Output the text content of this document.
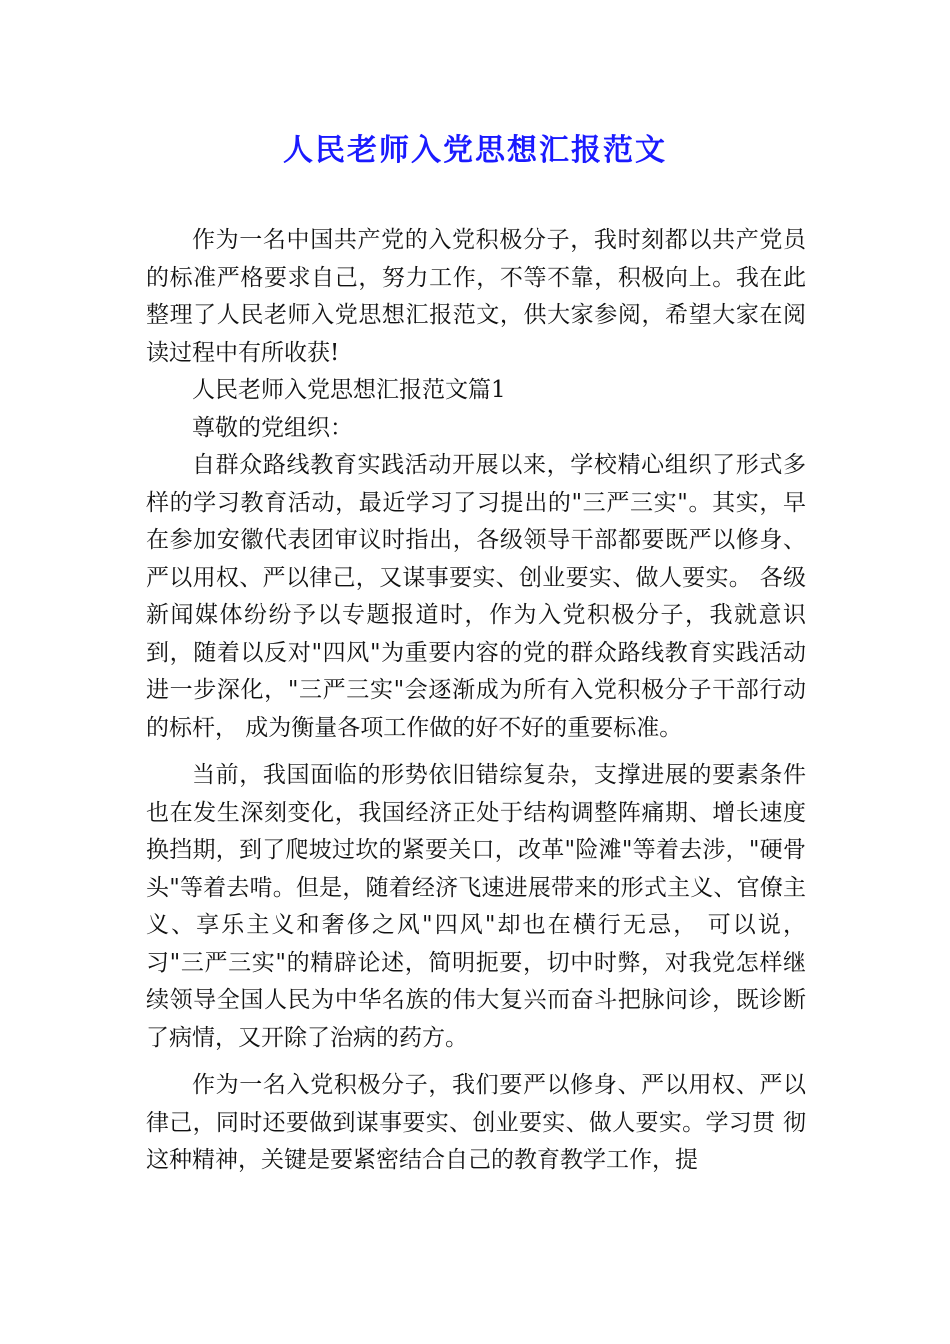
人民老师入党思想汇报范文

作为一名中国共产党的入党积极分子，我时刻都以共产党员的标准严格要求自己，努力工作，不等不靠，积极向上。我在此整理了人民老师入党思想汇报范文，供大家参阅，希望大家在阅读过程中有所收获!

人民老师入党思想汇报范文篇1

尊敬的党组织：

自群众路线教育实践活动开展以来，学校精心组织了形式多样的学习教育活动，最近学习了习提出的"三严三实"。其实，早在参加安徽代表团审议时指出，各级领导干部都要既严以修身、严以用权、严以律己，又谋事要实、创业要实、做人要实。 各级新闻媒体纷纷予以专题报道时，作为入党积极分子，我就意识到，随着以反对"四风"为重要内容的党的群众路线教育实践活动进一步深化，"三严三实"会逐渐成为所有入党积极分子干部行动的标杆， 成为衡量各项工作做的好不好的重要标准。

当前，我国面临的形势依旧错综复杂，支撑进展的要素条件也在发生深刻变化，我国经济正处于结构调整阵痛期、增长速度换挡期，到了爬坡过坎的紧要关口，改革"险滩"等着去涉，"硬骨头"等着去啃。但是，随着经济飞速进展带来的形式主义、官僚主义、享乐主义和奢侈之风"四风"却也在横行无忌， 可以说，习"三严三实"的精辟论述，简明扼要，切中时弊，对我党怎样继续领导全国人民为中华名族的伟大复兴而奋斗把脉问诊，既诊断了病情，又开除了治病的药方。

作为一名入党积极分子，我们要严以修身、严以用权、严以律己，同时还要做到谋事要实、创业要实、做人要实。学习贯 彻这种精神，关键是要紧密结合自己的教育教学工作，提
